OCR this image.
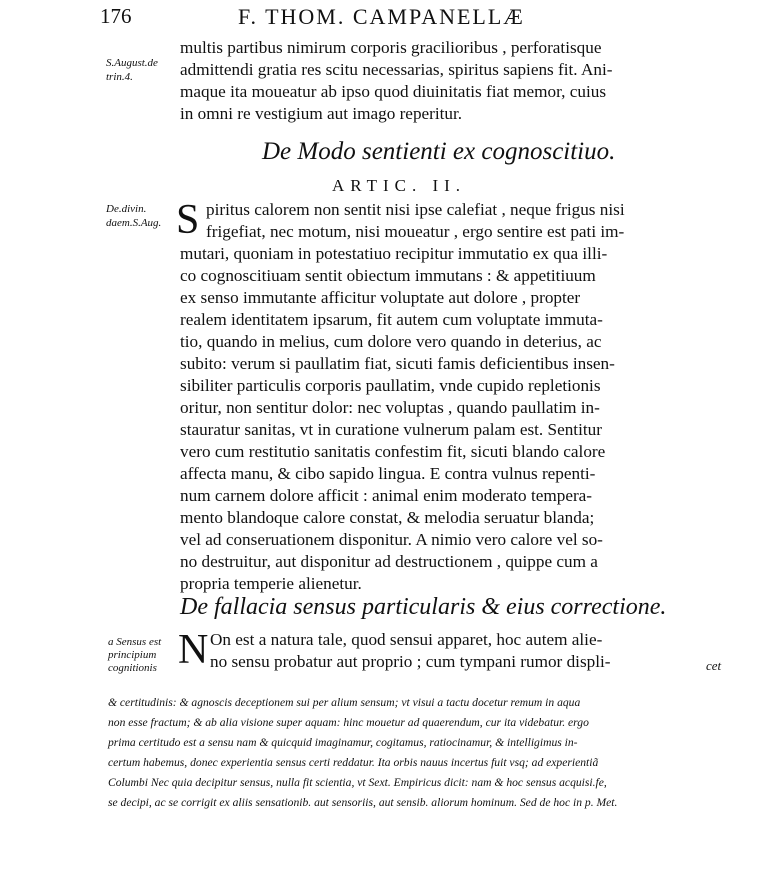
176	F. THOM. CAMPANELLÆ
S.August.de
trin.4.
multis partibus nimirum corporis gracilioribus , perforatisque
admittendi gratia res scitu necessarias, spiritus sapiens fit. Ani-
maque ita moueatur ab ipso quod diuinitatis fiat memor, cuius
in omni re vestigium aut imago reperitur.
De Modo sentienti ex cognoscitiuo.
ARTIC. II.
De.divin.
daem.S.Aug. S piritus calorem non sentit nisi ipse calefiat , neque frigus nisi
frigefiat, nec motum, nisi moueatur , ergo sentire est pati im-
mutari, quoniam in potestatiuo recipitur immutatio ex qua illi-
co cognoscitiuam sentit obiectum immutans : & appetitiuum
ex senso immutante afficitur voluptate aut dolore , propter
realem identitatem ipsarum, fit autem cum voluptate immuta-
tio, quando in melius, cum dolore vero quando in deterius, ac
subito: verum si paullatim fiat, sicuti famis deficientibus insen-
sibiliter particulis corporis paullatim, vnde cupido repletionis
oritur, non sentitur dolor: nec voluptas , quando paullatim in-
stauratur sanitas, vt in curatione vulnerum palam est. Sentitur
vero cum restitutio sanitatis confestim fit, sicuti blando calore
affecta manu, & cibo sapido lingua. E contra vulnus repenti-
num carnem dolore afficit : animal enim moderato tempera-
mento blandoque calore constat, & melodia seruatur blanda;
vel ad conseruationem disponitur. A nimio vero calore vel so-
no destruitur, aut disponitur ad destructionem , quippe cum a
propria temperie alienetur.
De fallacia sensus particularis & eius correctione.
a Sensus est
principium
cognitionis N On est a natura tale, quod sensui apparet, hoc autem alie-
no sensu probatur aut proprio ; cum tympani rumor displi-	cet
& certitudinis: & agnoscis deceptionem sui per alium sensum; vt visui a tactu docetur remum in aqua
non esse fractum; & ab alia visione super aquam: hinc mouetur ad quaerendum, cur ita videbatur. ergo
prima certitudo est a sensu nam & quicquid imaginamur, cogitamus, ratiocinamur, & intelligimus in-
certum habemus, donec experientia sensus certi reddatur. Ita orbis nauus incertus fuit vsq; ad experientiã
Columbi Nec quia decipitur sensus, nulla fit scientia, vt Sext. Empiricus dicit: nam & hoc sensus acquisi.fe,
se decipi, ac se corrigit ex aliis sensationib. aut sensoriis, aut sensib. aliorum hominum. Sed de hoc in p. Met.
